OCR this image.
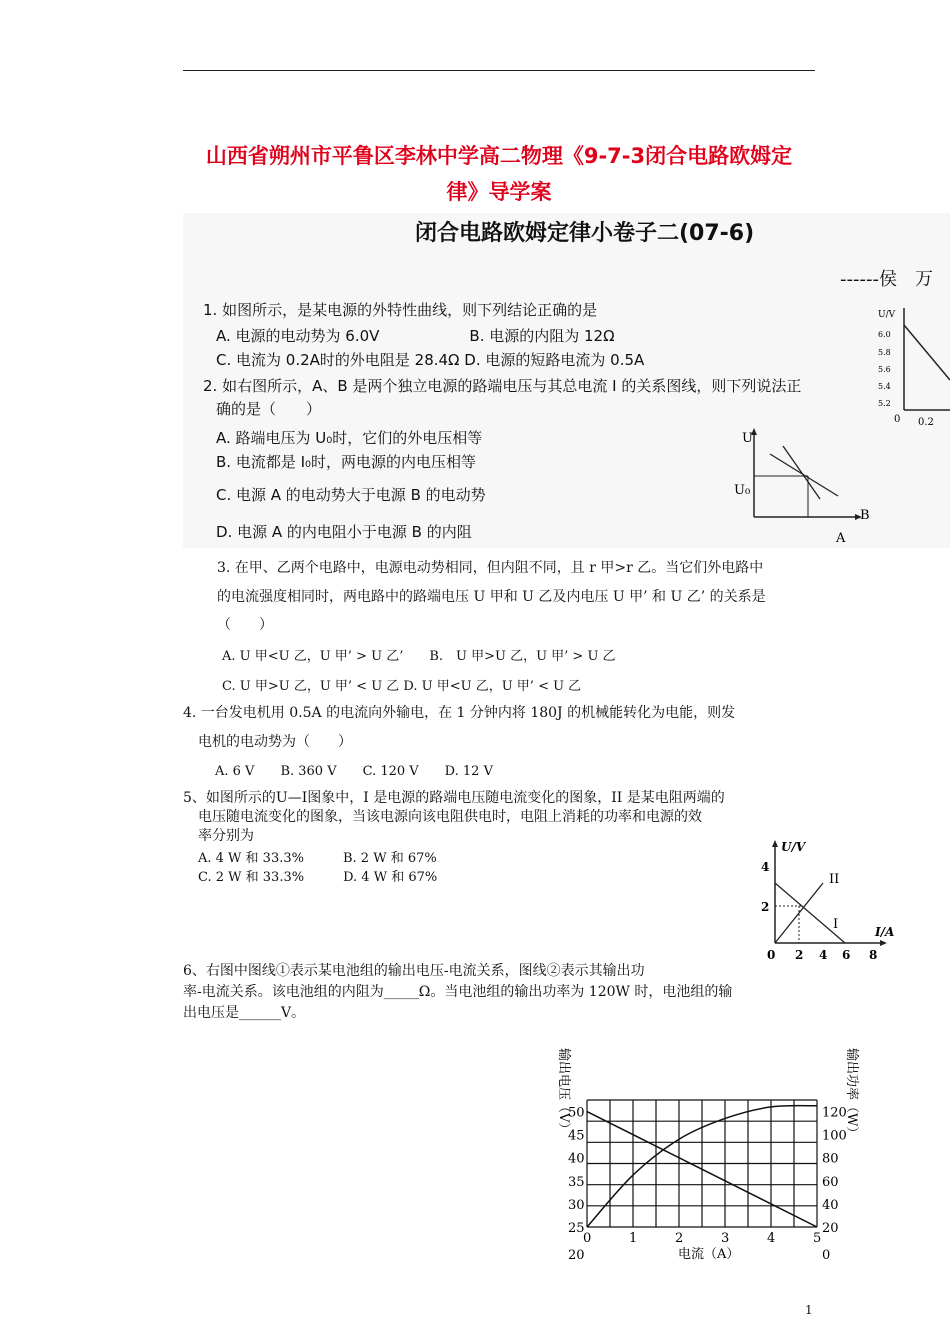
山西省朔州市平鲁区李林中学高二物理《9-7-3闭合电路欧姆定
律》导学案
闭合电路欧姆定律小卷子二(07-6)
------侯　万
1. 如图所示，是某电源的外特性曲线，则下列结论正确的是
A. 电源的电动势为 6.0V　　　　　　B. 电源的内阻为 12Ω
C. 电流为 0.2A时的外电阻是 28.4Ω D. 电源的短路电流为 0.5A
U/V
6.0
5.8
5.6
5.4
5.2
0 0.2
2. 如右图所示，A、B 是两个独立电源的路端电压与其总电流 I 的关系图线，则下列说法正
确的是（　　）
A. 路端电压为 U₀时，它们的外电压相等
B. 电流都是 I₀时，两电源的内电压相等
C. 电源 A 的电动势大于电源 B 的电动势
D. 电源 A 的内电阻小于电源 B 的内阻
U
U₀
B
A
3. 在甲、乙两个电路中，电源电动势相同，但内阻不同，且 r 甲>r 乙。当它们外电路中
的电流强度相同时，两电路中的路端电压 U 甲和 U 乙及内电压 U 甲’ 和 U 乙’ 的关系是
（　　）
A. U 甲<U 乙，U 甲’ > U 乙’　　B.　U 甲>U 乙，U 甲’ > U 乙
C. U 甲>U 乙，U 甲’ < U 乙 D. U 甲<U 乙，U 甲’ < U 乙
4. 一台发电机用 0.5A 的电流向外输电，在 1 分钟内将 180J 的机械能转化为电能，则发
电机的电动势为（　　）
A. 6 V　　B. 360 V　　C. 120 V　　D. 12 V
5、如图所示的U—I图象中，I 是电源的路端电压随电流变化的图象，II 是某电阻两端的
电压随电流变化的图象，当该电源向该电阻供电时，电阻上消耗的功率和电源的效
率分别为
A. 4 W 和 33.3%　　　B. 2 W 和 67%
C. 2 W 和 33.3%　　　D. 4 W 和 67%
U/V
4
2
0 2 4 6 8
I/A
II
I
6、右图中图线①表示某电池组的输出电压-电流关系，图线②表示其输出功
率-电流关系。该电池组的内阻为_____Ω。当电池组的输出功率为 120W 时，电池组的输
出电压是______V。
50
45
40
35
30
25
20
120
100
80
60
40
20
0
0	1	2	3	4	5
输出电压（V）	输出功率（W）
电流（A）
1
